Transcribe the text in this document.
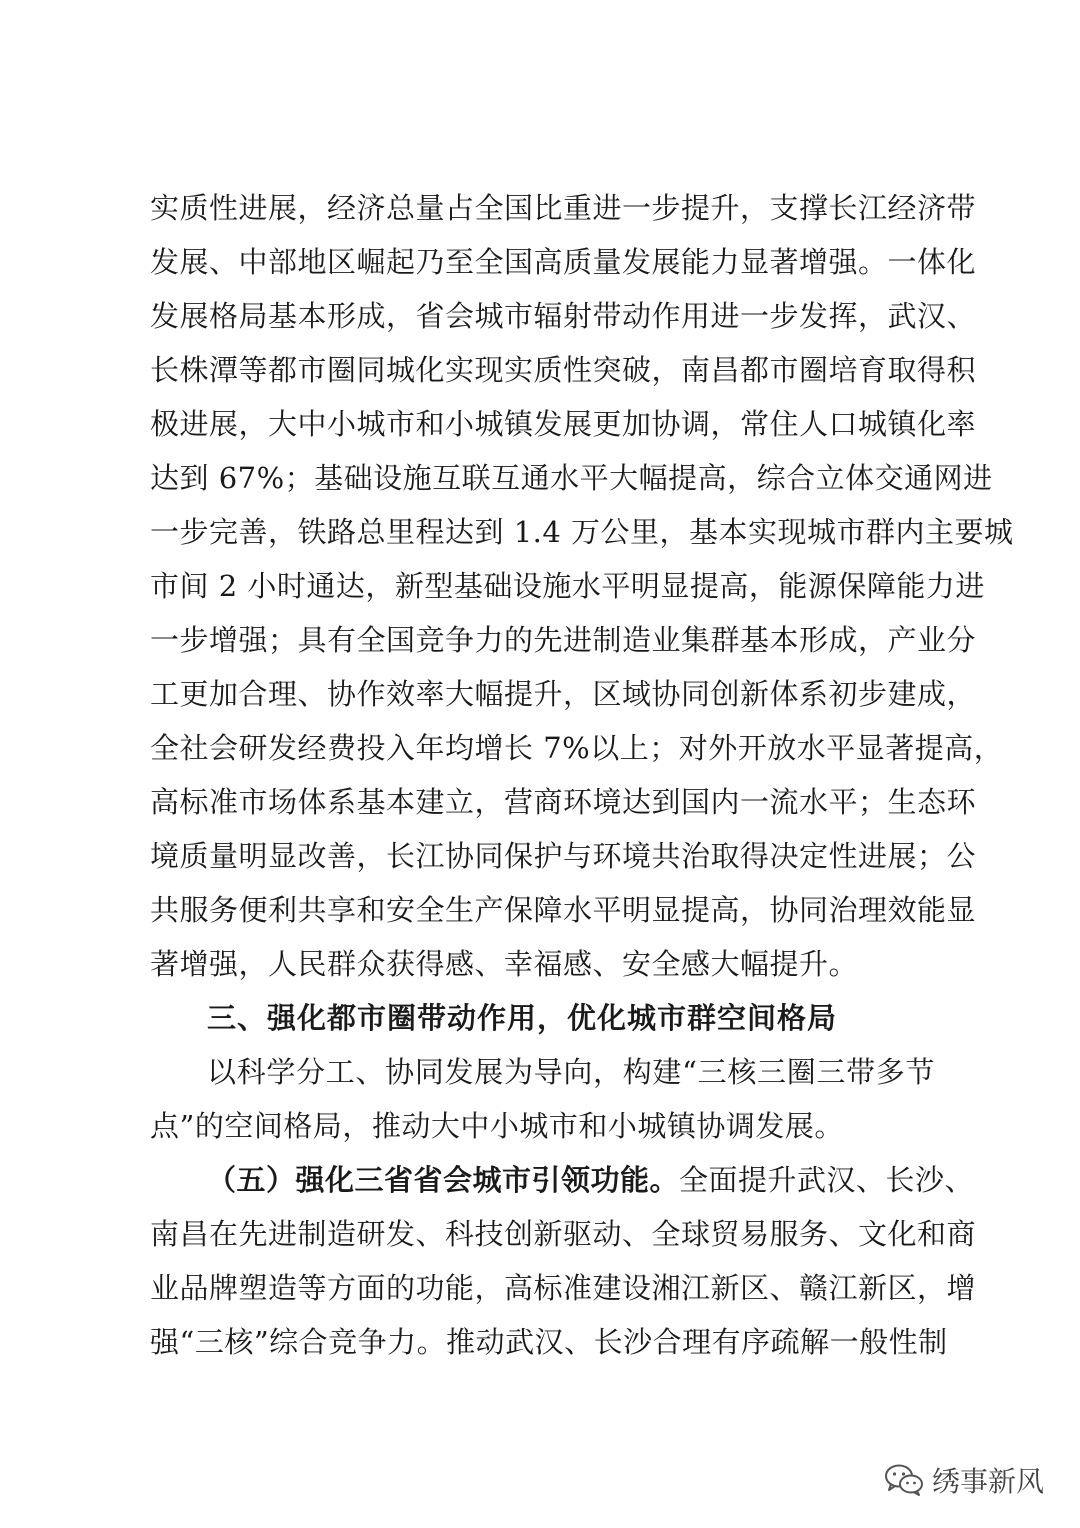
实质性进展，经济总量占全国比重进一步提升，支撑长江经济带
发展、中部地区崛起乃至全国高质量发展能力显著增强。一体化
发展格局基本形成，省会城市辐射带动作用进一步发挥，武汉、
长株潭等都市圈同城化实现实质性突破，南昌都市圈培育取得积
极进展，大中小城市和小城镇发展更加协调，常住人口城镇化率
达到 67%；基础设施互联互通水平大幅提高，综合立体交通网进
一步完善，铁路总里程达到 1.4 万公里，基本实现城市群内主要城
市间 2 小时通达，新型基础设施水平明显提高，能源保障能力进
一步增强；具有全国竞争力的先进制造业集群基本形成，产业分
工更加合理、协作效率大幅提升，区域协同创新体系初步建成，
全社会研发经费投入年均增长 7%以上；对外开放水平显著提高，
高标准市场体系基本建立，营商环境达到国内一流水平；生态环
境质量明显改善，长江协同保护与环境共治取得决定性进展；公
共服务便利共享和安全生产保障水平明显提高，协同治理效能显
著增强，人民群众获得感、幸福感、安全感大幅提升。
三、强化都市圈带动作用，优化城市群空间格局
以科学分工、协同发展为导向，构建“三核三圈三带多节
点”的空间格局，推动大中小城市和小城镇协调发展。
（五）强化三省省会城市引领功能。 全面提升武汉、长沙、
南昌在先进制造研发、科技创新驱动、全球贸易服务、文化和商
业品牌塑造等方面的功能，高标准建设湘江新区、赣江新区，增
强“三核”综合竞争力。推动武汉、长沙合理有序疏解一般性制
绣事新风
